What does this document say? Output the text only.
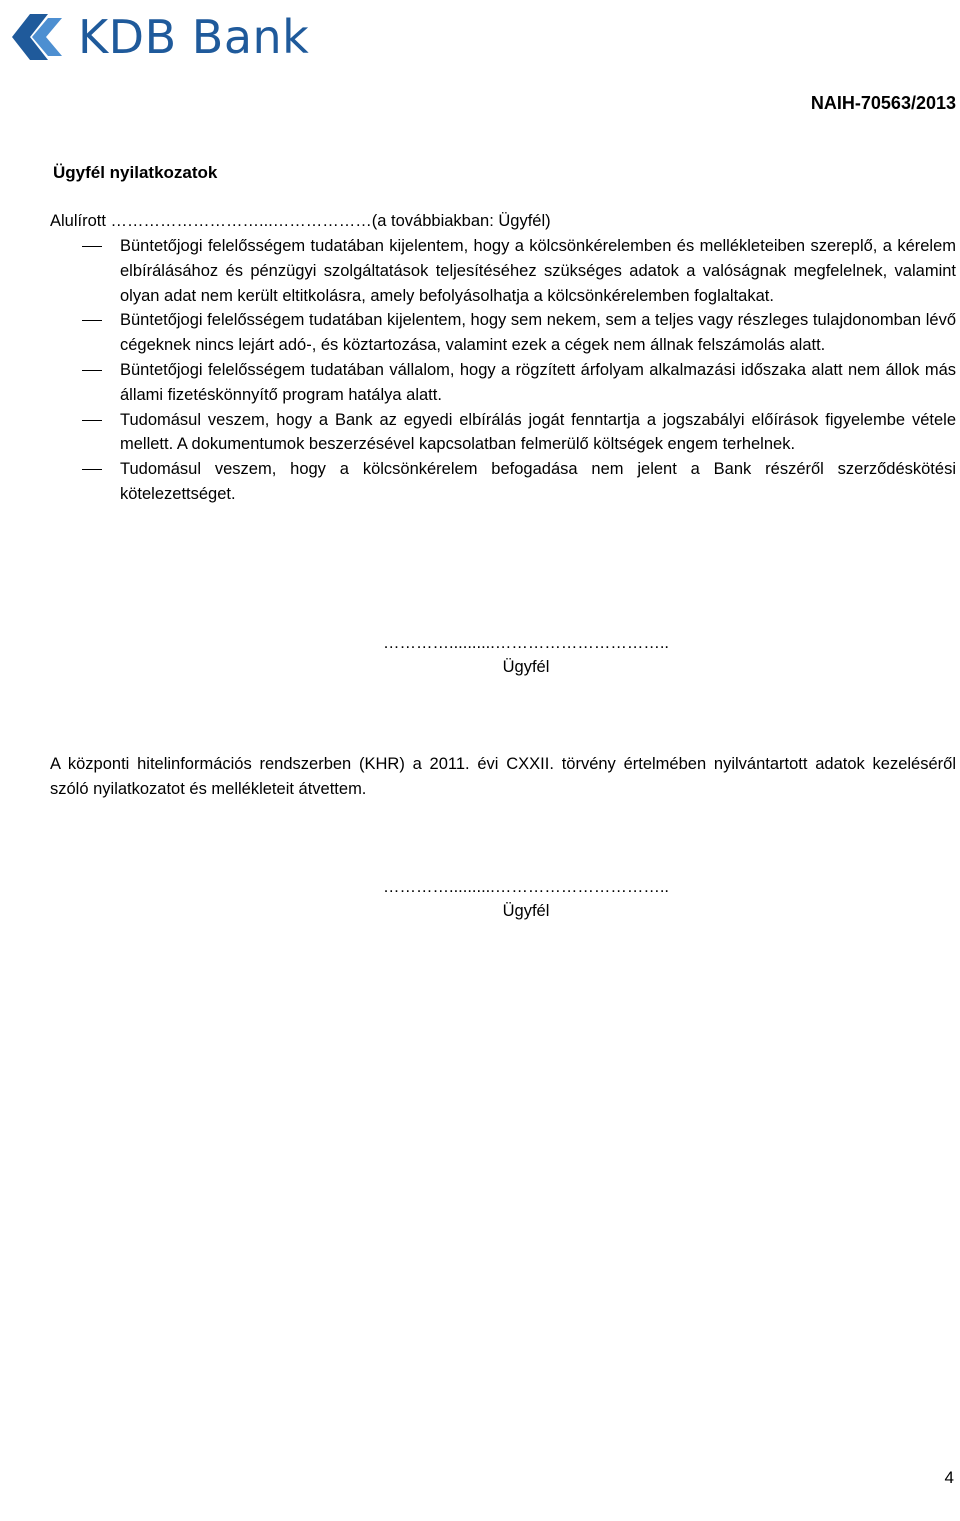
KDB Bank
NAIH-70563/2013
Ügyfél nyilatkozatok
Alulírott ………………………...………………(a továbbiakban: Ügyfél)
Büntetőjogi felelősségem tudatában kijelentem, hogy a kölcsönkérelemben és mellékleteiben szereplő, a kérelem elbírálásához és pénzügyi szolgáltatások teljesítéséhez szükséges adatok a valóságnak megfelelnek, valamint olyan adat nem került eltitkolásra, amely befolyásolhatja a kölcsönkérelemben foglaltakat.
Büntetőjogi felelősségem tudatában kijelentem, hogy sem nekem, sem a teljes vagy részleges tulajdonomban lévő cégeknek nincs lejárt adó-, és köztartozása, valamint ezek a cégek nem állnak felszámolás alatt.
Büntetőjogi felelősségem tudatában vállalom, hogy a rögzített árfolyam alkalmazási időszaka alatt nem állok más állami fizetéskönnyítő program hatálya alatt.
Tudomásul veszem, hogy a Bank az egyedi elbírálás jogát fenntartja a jogszabályi előírások figyelembe vétele mellett. A dokumentumok beszerzésével kapcsolatban felmerülő költségek engem terhelnek.
Tudomásul veszem, hogy a kölcsönkérelem befogadása nem jelent a Bank részéről szerződéskötési kötelezettséget.
…………..........…………………………..
Ügyfél
A központi hitelinformációs rendszerben (KHR) a 2011. évi CXXII. törvény értelmében nyilvántartott adatok kezeléséről szóló nyilatkozatot és mellékleteit átvettem.
…………..........…………………………..
Ügyfél
4
